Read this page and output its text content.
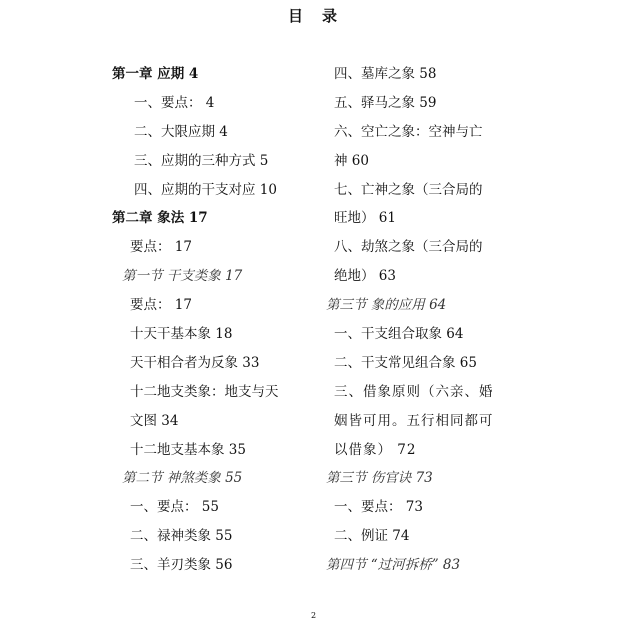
目　录
第一章 应期 4
一、要点： 4
二、大限应期 4
三、应期的三种方式 5
四、应期的干支对应 10
第二章 象法 17
要点： 17
第一节 干支类象 17
要点： 17
十天干基本象 18
天干相合者为反象 33
十二地支类象：地支与天
文图 34
十二地支基本象 35
第二节 神煞类象 55
一、要点： 55
二、禄神类象 55
三、羊刃类象 56
四、墓库之象 58
五、驿马之象 59
六、空亡之象：空神与亡
神 60
七、亡神之象（三合局的
旺地） 61
八、劫煞之象（三合局的
绝地） 63
第三节 象的应用 64
一、干支组合取象 64
二、干支常见组合象 65
三、借象原则（六亲、婚
姻皆可用。五行相同都可
以借象） 72
第三节 伤官诀 73
一、要点： 73
二、例证 74
第四节 “过河拆桥” 83
2
